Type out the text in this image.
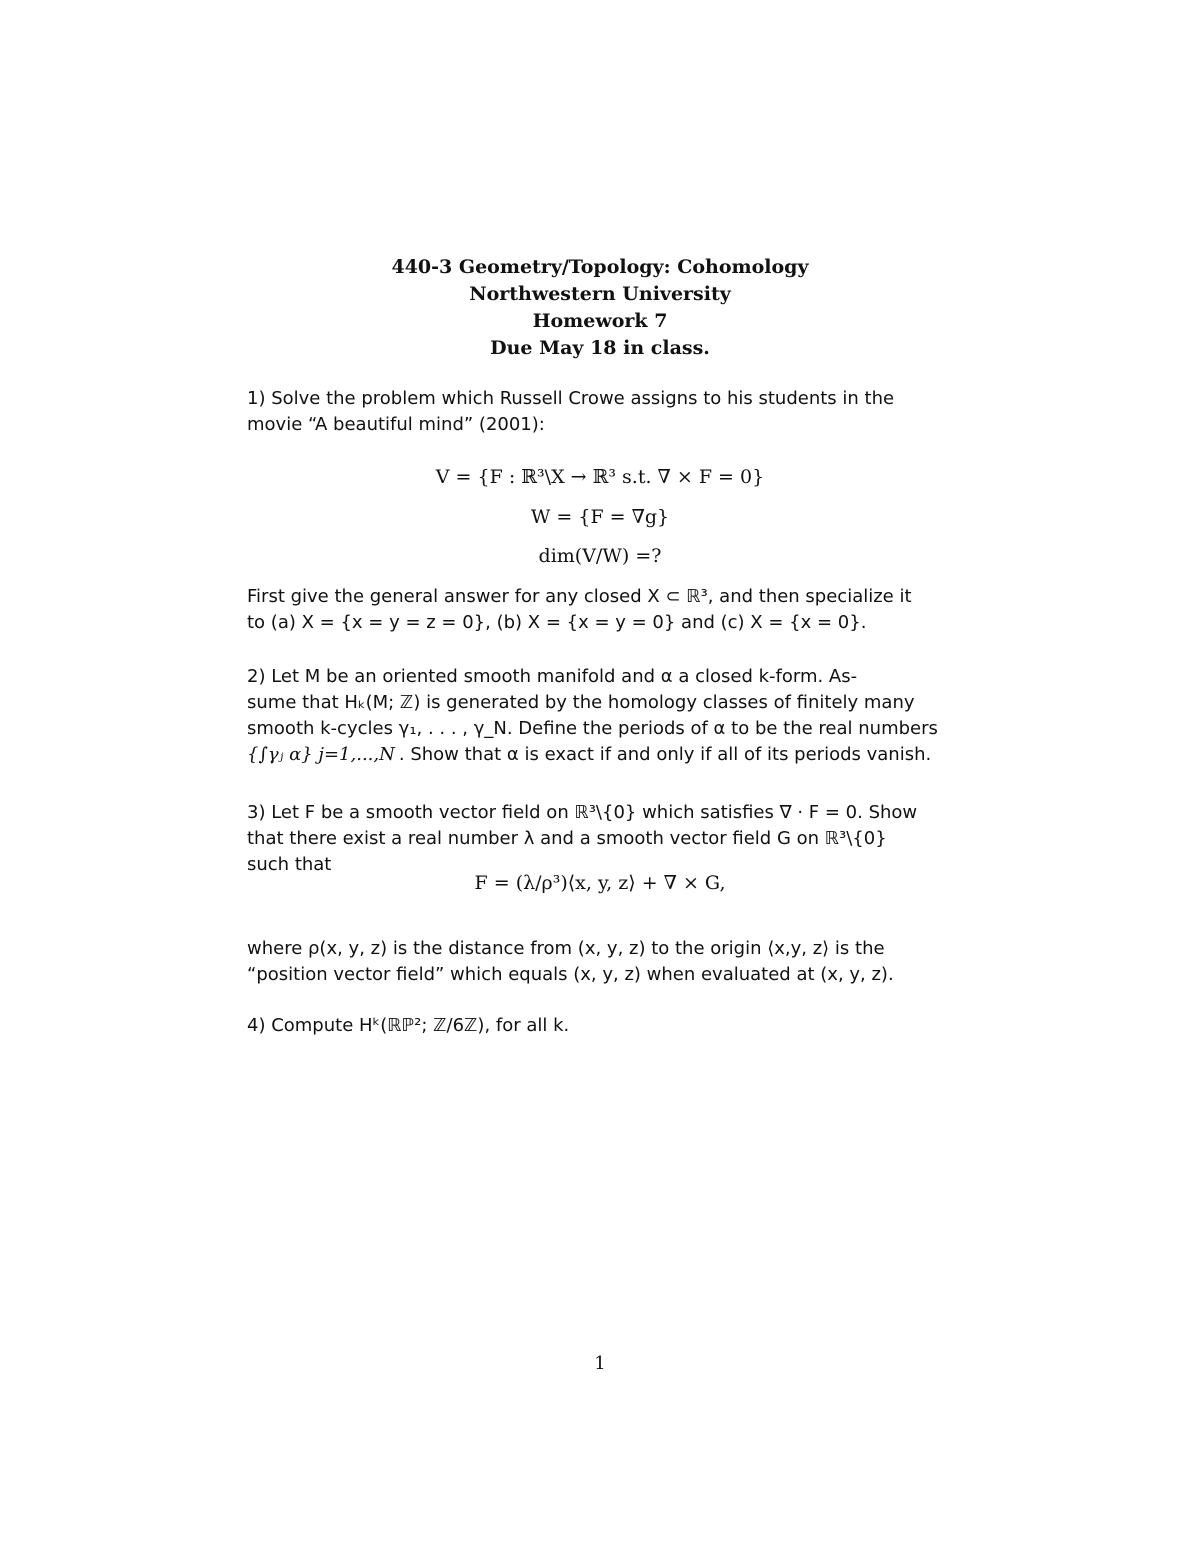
440-3 Geometry/Topology: Cohomology
Northwestern University
Homework 7
Due May 18 in class.
1) Solve the problem which Russell Crowe assigns to his students in the
movie “A beautiful mind” (2001):
V = {F : ℝ³\X → ℝ³ s.t. ∇ × F = 0}
W = {F = ∇g}
dim(V/W) =?
First give the general answer for any closed X ⊂ ℝ³, and then specialize it
to (a) X = {x = y = z = 0}, (b) X = {x = y = 0} and (c) X = {x = 0}.
2) Let M be an oriented smooth manifold and α a closed k-form. As-
sume that Hₖ(M; ℤ) is generated by the homology classes of finitely many
smooth k-cycles γ₁, . . . , γ_N. Define the periods of α to be the real numbers
{∫γⱼ α} j=1,...,N . Show that α is exact if and only if all of its periods vanish.
3) Let F be a smooth vector field on ℝ³\{0} which satisfies ∇ · F = 0. Show
that there exist a real number λ and a smooth vector field G on ℝ³\{0}
such that
F = (λ/ρ³)⟨x, y, z⟩ + ∇ × G,
where ρ(x, y, z) is the distance from (x, y, z) to the origin ⟨x,y, z⟩ is the
“position vector field” which equals (x, y, z) when evaluated at (x, y, z).
4) Compute Hᵏ(ℝℙ²; ℤ/6ℤ), for all k.
1
